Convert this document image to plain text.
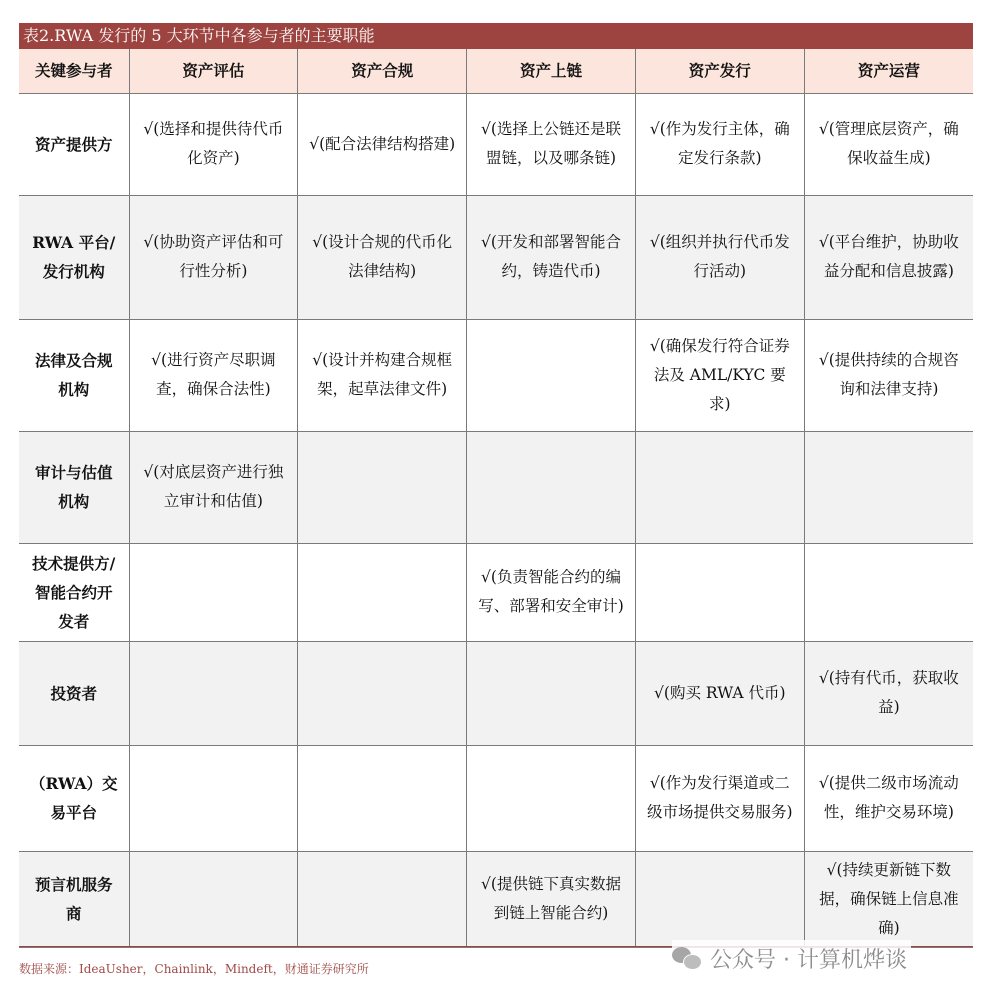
表2.RWA 发行的 5 大环节中各参与者的主要职能
关键参与者	资产评估	资产合规	资产上链	资产发行	资产运营
资产提供方	√(选择和提供待代币化资产)	√(配合法律结构搭建)	√(选择上公链还是联盟链，以及哪条链)	√(作为发行主体，确定发行条款)	√(管理底层资产，确保收益生成)
RWA 平台/发行机构	√(协助资产评估和可行性分析)	√(设计合规的代币化法律结构)	√(开发和部署智能合约，铸造代币)	√(组织并执行代币发行活动)	√(平台维护，协助收益分配和信息披露)
法律及合规机构	√(进行资产尽职调查，确保合法性)	√(设计并构建合规框架，起草法律文件)		√(确保发行符合证券法及 AML/KYC 要求)	√(提供持续的合规咨询和法律支持)
审计与估值机构	√(对底层资产进行独立审计和估值)				
技术提供方/智能合约开发者			√(负责智能合约的编写、部署和安全审计)		
投资者				√(购买 RWA 代币)	√(持有代币，获取收益)
（RWA）交易平台				√(作为发行渠道或二级市场提供交易服务)	√(提供二级市场流动性，维护交易环境)
预言机服务商			√(提供链下真实数据到链上智能合约)		√(持续更新链下数据，确保链上信息准确)
数据来源：IdeaUsher，Chainlink，Mindeft，财通证券研究所	公众号 · 计算机烨谈
